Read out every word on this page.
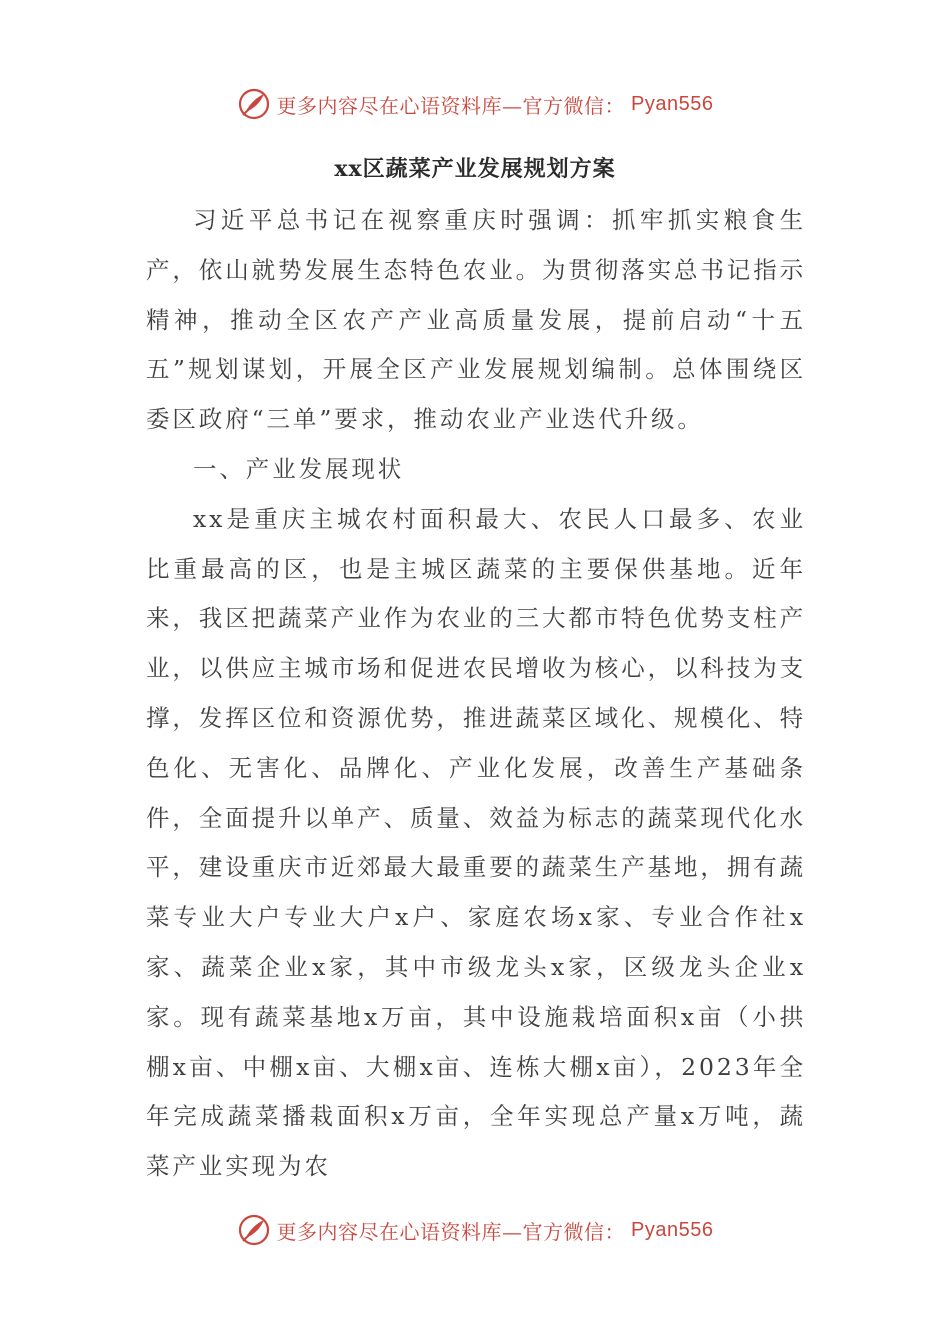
更多内容尽在心语资料库—官方微信： Pyan556
xx区蔬菜产业发展规划方案

习近平总书记在视察重庆时强调：抓牢抓实粮食生产，依山就势发展生态特色农业。为贯彻落实总书记指示精神，推动全区农产产业高质量发展，提前启动“十五五”规划谋划，开展全区产业发展规划编制。总体围绕区委区政府“三单”要求，推动农业产业迭代升级。

一、产业发展现状

xx是重庆主城农村面积最大、农民人口最多、农业比重最高的区，也是主城区蔬菜的主要保供基地。近年来，我区把蔬菜产业作为农业的三大都市特色优势支柱产业，以供应主城市场和促进农民增收为核心，以科技为支撑，发挥区位和资源优势，推进蔬菜区域化、规模化、特色化、无害化、品牌化、产业化发展，改善生产基础条件，全面提升以单产、质量、效益为标志的蔬菜现代化水平，建设重庆市近郊最大最重要的蔬菜生产基地，拥有蔬菜专业大户专业大户x户、家庭农场x家、专业合作社x家、蔬菜企业x家，其中市级龙头x家，区级龙头企业x家。现有蔬菜基地x万亩，其中设施栽培面积x亩（小拱棚x亩、中棚x亩、大棚x亩、连栋大棚x亩），2023年全年完成蔬菜播栽面积x万亩，全年实现总产量x万吨，蔬菜产业实现为农

更多内容尽在心语资料库—官方微信： Pyan556
